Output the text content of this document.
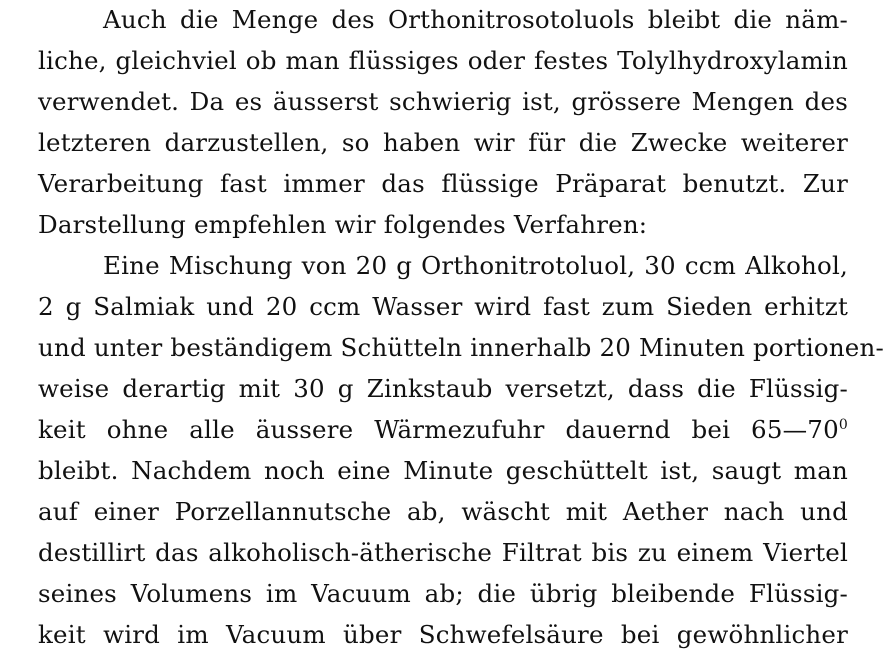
Auch die Menge des Orthonitrosotoluols bleibt die näm-
liche, gleichviel ob man flüssiges oder festes Tolylhydroxylamin
verwendet. Da es äusserst schwierig ist, grössere Mengen des
letzteren darzustellen, so haben wir für die Zwecke weiterer
Verarbeitung fast immer das flüssige Präparat benutzt. Zur
Darstellung empfehlen wir folgendes Verfahren:
Eine Mischung von 20 g Orthonitrotoluol, 30 ccm Alkohol,
2 g Salmiak und 20 ccm Wasser wird fast zum Sieden erhitzt
und unter beständigem Schütteln innerhalb 20 Minuten portionen-
weise derartig mit 30 g Zinkstaub versetzt, dass die Flüssig-
keit ohne alle äussere Wärmezufuhr dauernd bei $65—70^0$
bleibt. Nachdem noch eine Minute geschüttelt ist, saugt man
auf einer Porzellannutsche ab, wäscht mit Aether nach und
destillirt das alkoholisch-ätherische Filtrat bis zu einem Viertel
seines Volumens im Vacuum ab; die übrig bleibende Flüssig-
keit wird im Vacuum über Schwefelsäure bei gewöhnlicher
